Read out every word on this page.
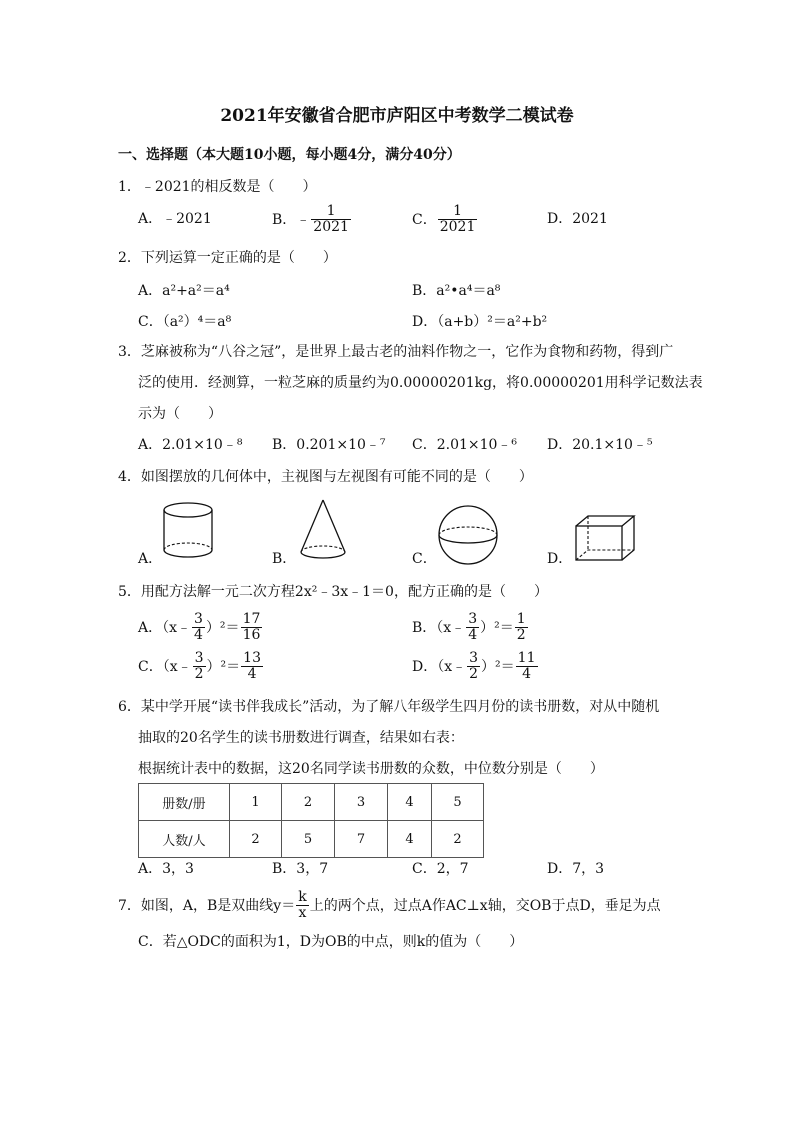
2021年安徽省合肥市庐阳区中考数学二模试卷
一、选择题（本大题10小题，每小题4分，满分40分）
1．﹣2021的相反数是（　　）
A．﹣2021	B．﹣ $\frac{1}{2021}$	C． $\frac{1}{2021}$	D．2021
2．下列运算一定正确的是（　　）
A．a²+a²＝a⁴	B．a²•a⁴＝a⁸
C．（a²）⁴＝a⁸	D．（a+b）²＝a²+b²
3．芝麻被称为“八谷之冠”，是世界上最古老的油料作物之一，它作为食物和药物，得到广
泛的使用．经测算，一粒芝麻的质量约为0.00000201kg，将0.00000201用科学记数法表
示为（　　）
A．2.01×10﹣⁸ B．0.201×10﹣⁷ C．2.01×10﹣⁶ D．20.1×10﹣⁵
4．如图摆放的几何体中，主视图与左视图有可能不同的是（　　）
A．	B．	C．	D．
5．用配方法解一元二次方程2x²﹣3x﹣1＝0，配方正确的是（　　）
A．（x﹣ $\frac{3}{4} )^2= \frac{17}{16}$	B．（x﹣ $\frac{3}{4} )^2= \frac{1}{2}$
C．（x﹣ $\frac{3}{2} )^2= \frac{13}{4}$	D．（x﹣ $\frac{3}{2} )^2= \frac{11}{4}$
6．某中学开展“读书伴我成长”活动，为了解八年级学生四月份的读书册数，对从中随机
抽取的20名学生的读书册数进行调查，结果如右表：
根据统计表中的数据，这20名同学读书册数的众数，中位数分别是（　　）
册数/册	1	2	3	4	5
人数/人	2	5	7	4	2
A．3，3	B．3，7	C．2，7	D．7，3
7．如图，A，B是双曲线$y= \frac{k}{x}$ 上的两个点，过点A作AC⊥x轴，交OB于点D，垂足为点
C．若△ODC的面积为1，D为OB的中点，则k的值为（　　）
